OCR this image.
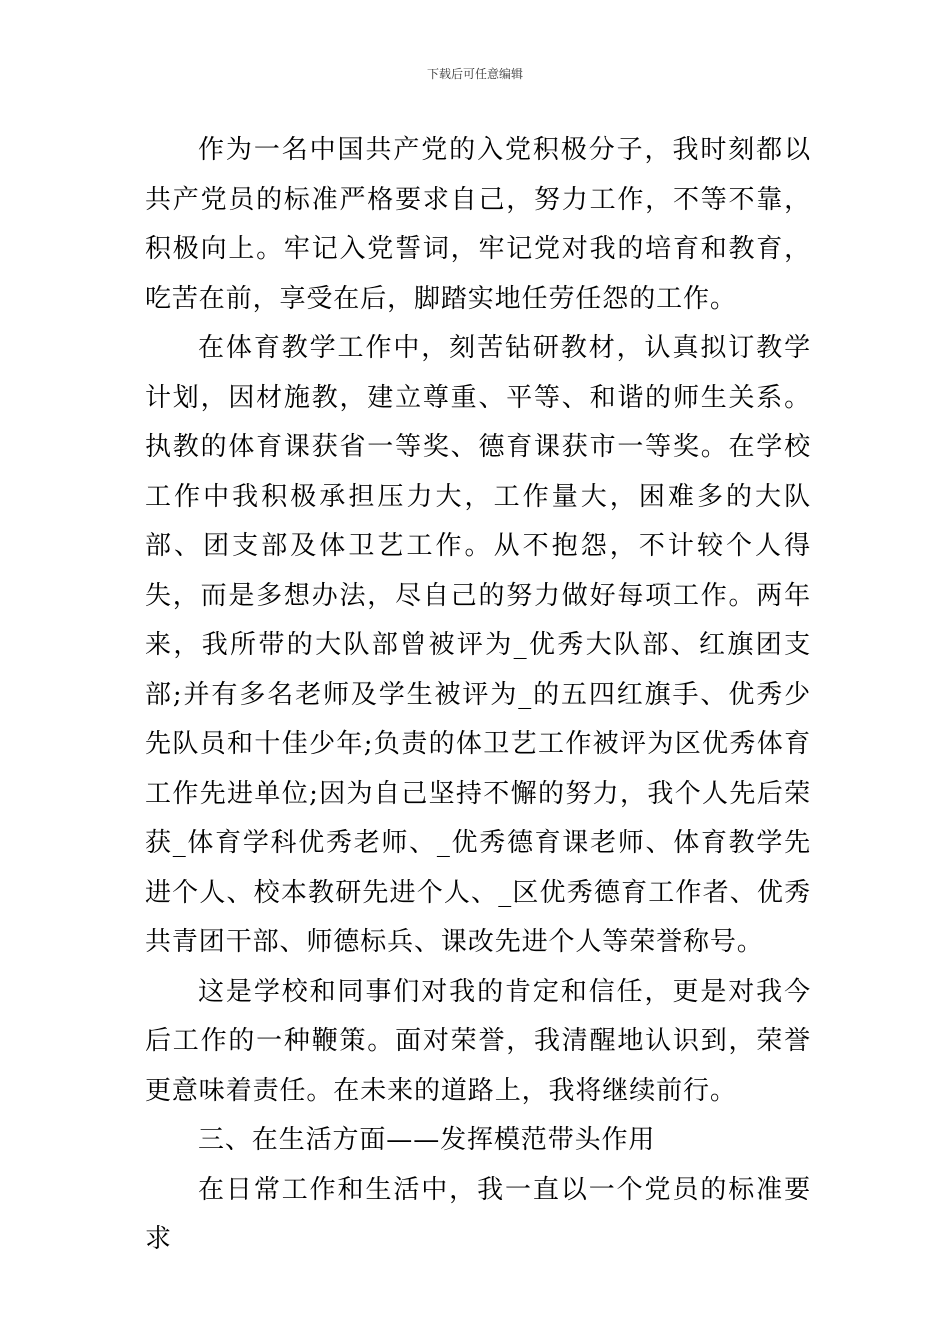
下载后可任意编辑

作为一名中国共产党的入党积极分子，我时刻都以共产党员的标准严格要求自己，努力工作，不等不靠，积极向上。牢记入党誓词，牢记党对我的培育和教育，吃苦在前，享受在后，脚踏实地任劳任怨的工作。

在体育教学工作中，刻苦钻研教材，认真拟订教学计划，因材施教，建立尊重、平等、和谐的师生关系。执教的体育课获省一等奖、德育课获市一等奖。在学校工作中我积极承担压力大，工作量大，困难多的大队部、团支部及体卫艺工作。从不抱怨，不计较个人得失，而是多想办法，尽自己的努力做好每项工作。两年来，我所带的大队部曾被评为_优秀大队部、红旗团支部;并有多名老师及学生被评为_的五四红旗手、优秀少先队员和十佳少年;负责的体卫艺工作被评为区优秀体育工作先进单位;因为自己坚持不懈的努力，我个人先后荣获_体育学科优秀老师、_优秀德育课老师、体育教学先进个人、校本教研先进个人、_区优秀德育工作者、优秀共青团干部、师德标兵、课改先进个人等荣誉称号。

这是学校和同事们对我的肯定和信任，更是对我今后工作的一种鞭策。面对荣誉，我清醒地认识到，荣誉更意味着责任。在未来的道路上，我将继续前行。

三、在生活方面——发挥模范带头作用

在日常工作和生活中，我一直以一个党员的标准要求
